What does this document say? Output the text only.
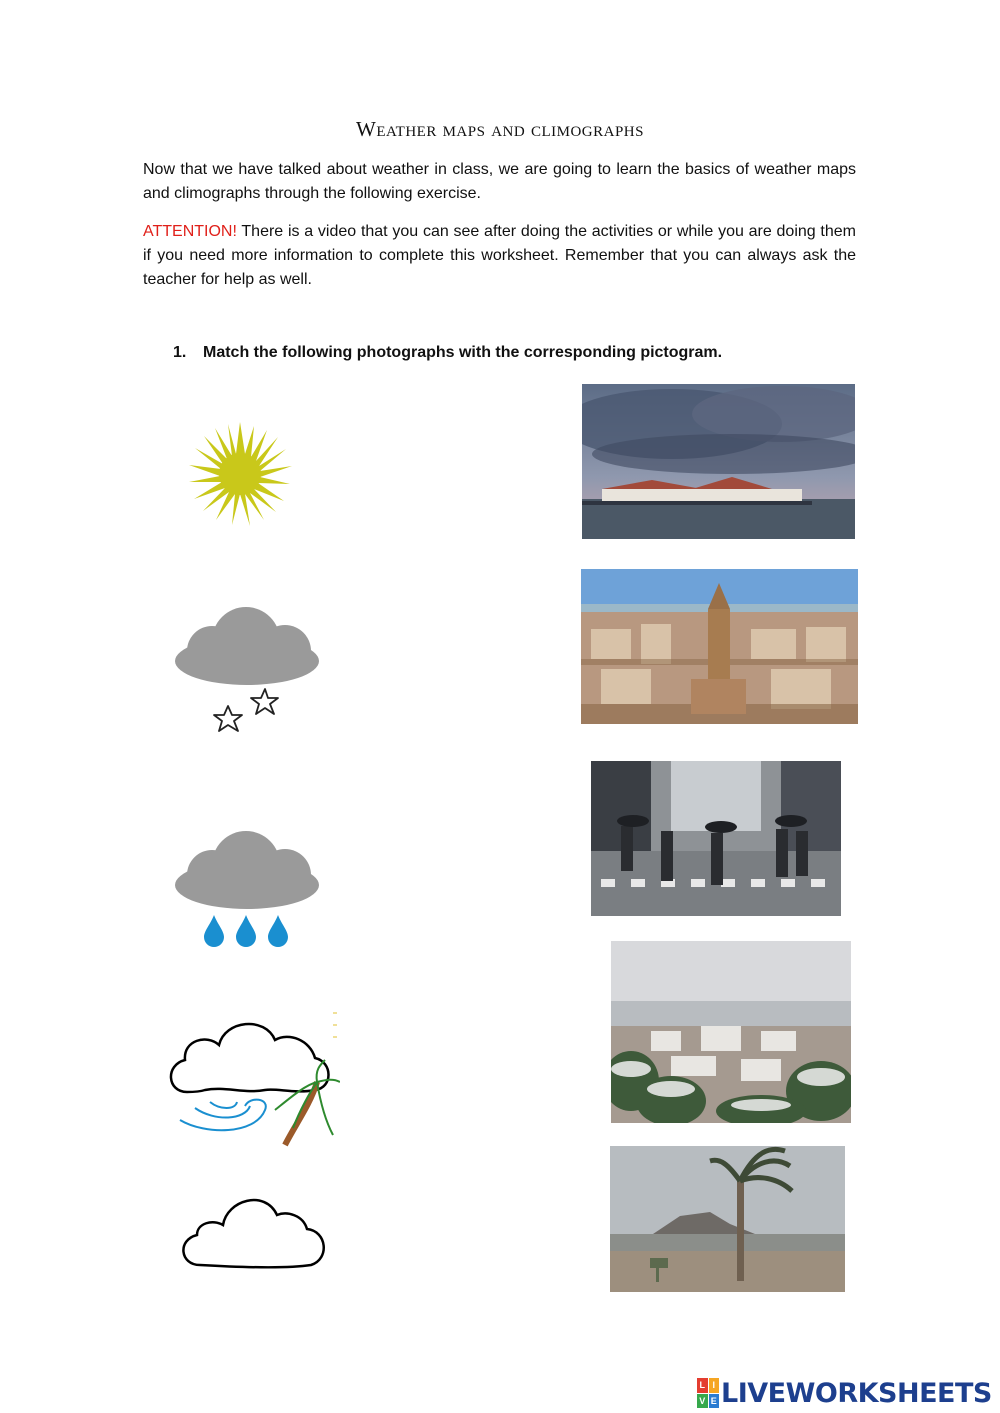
Weather maps and climographs
Now that we have talked about weather in class, we are going to learn the basics of weather maps and climographs through the following exercise.
ATTENTION! There is a video that you can see after doing the activities or while you are doing them if you need more information to complete this worksheet. Remember that you can always ask the teacher for help as well.
1. Match the following photographs with the corresponding pictogram.
L I
V E LIVEWORKSHEETS
